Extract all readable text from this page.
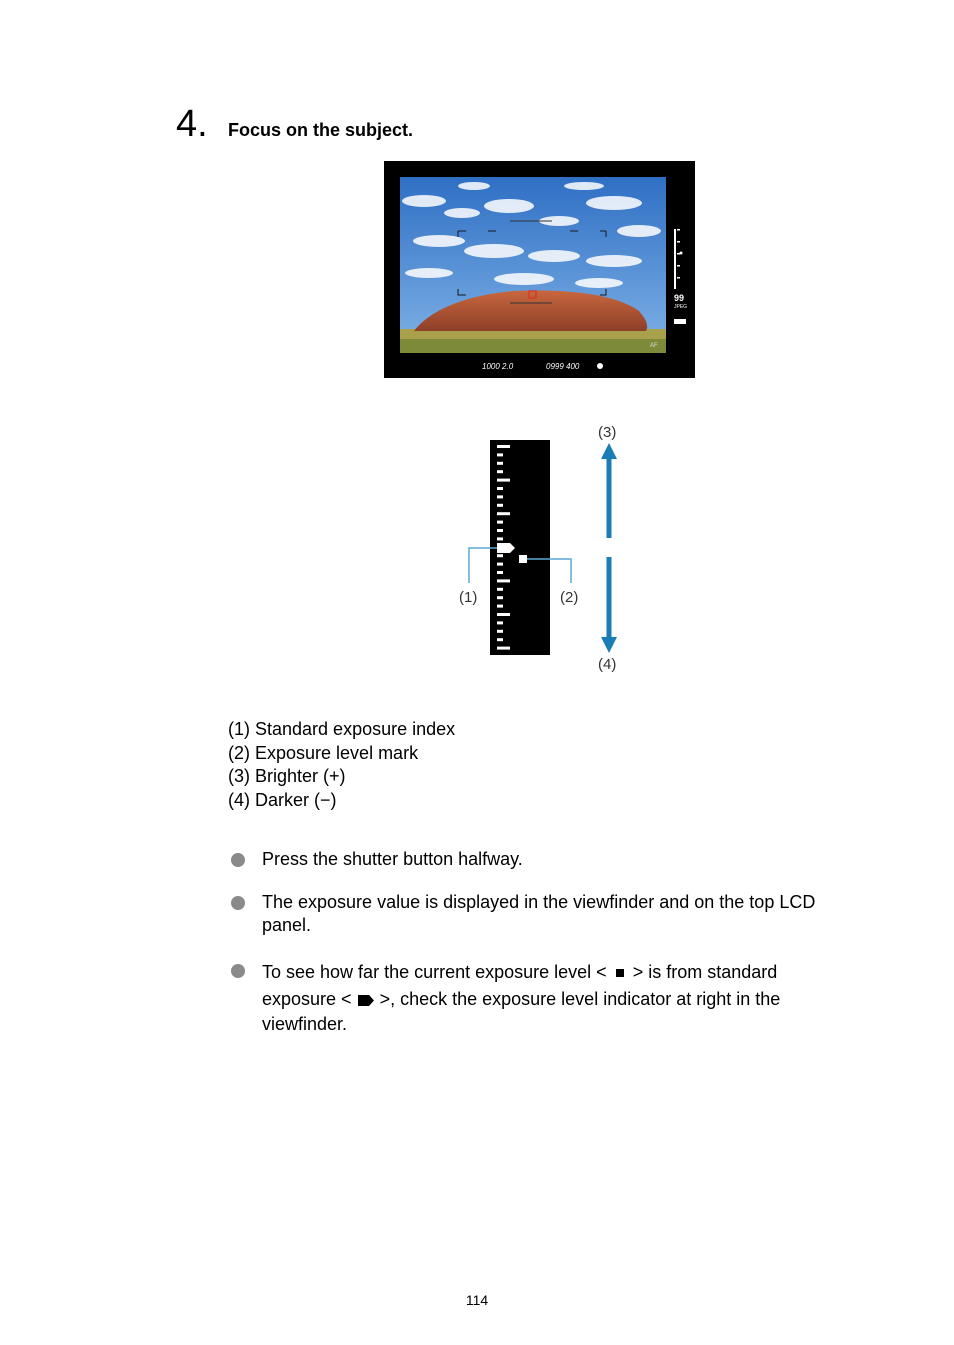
4. Focus on the subject.
99
JPEG
AF
1000 2.0	0999 400
(1)	(2)
(3)
(4)
(1) Standard exposure index
(2) Exposure level mark
(3) Brighter (+)
(4) Darker (−)
Press the shutter button halfway.
The exposure value is displayed in the viewfinder and on the top LCD
panel.
To see how far the current exposure level < > is from standard
exposure < >, check the exposure level indicator at right in the
viewfinder.
114
